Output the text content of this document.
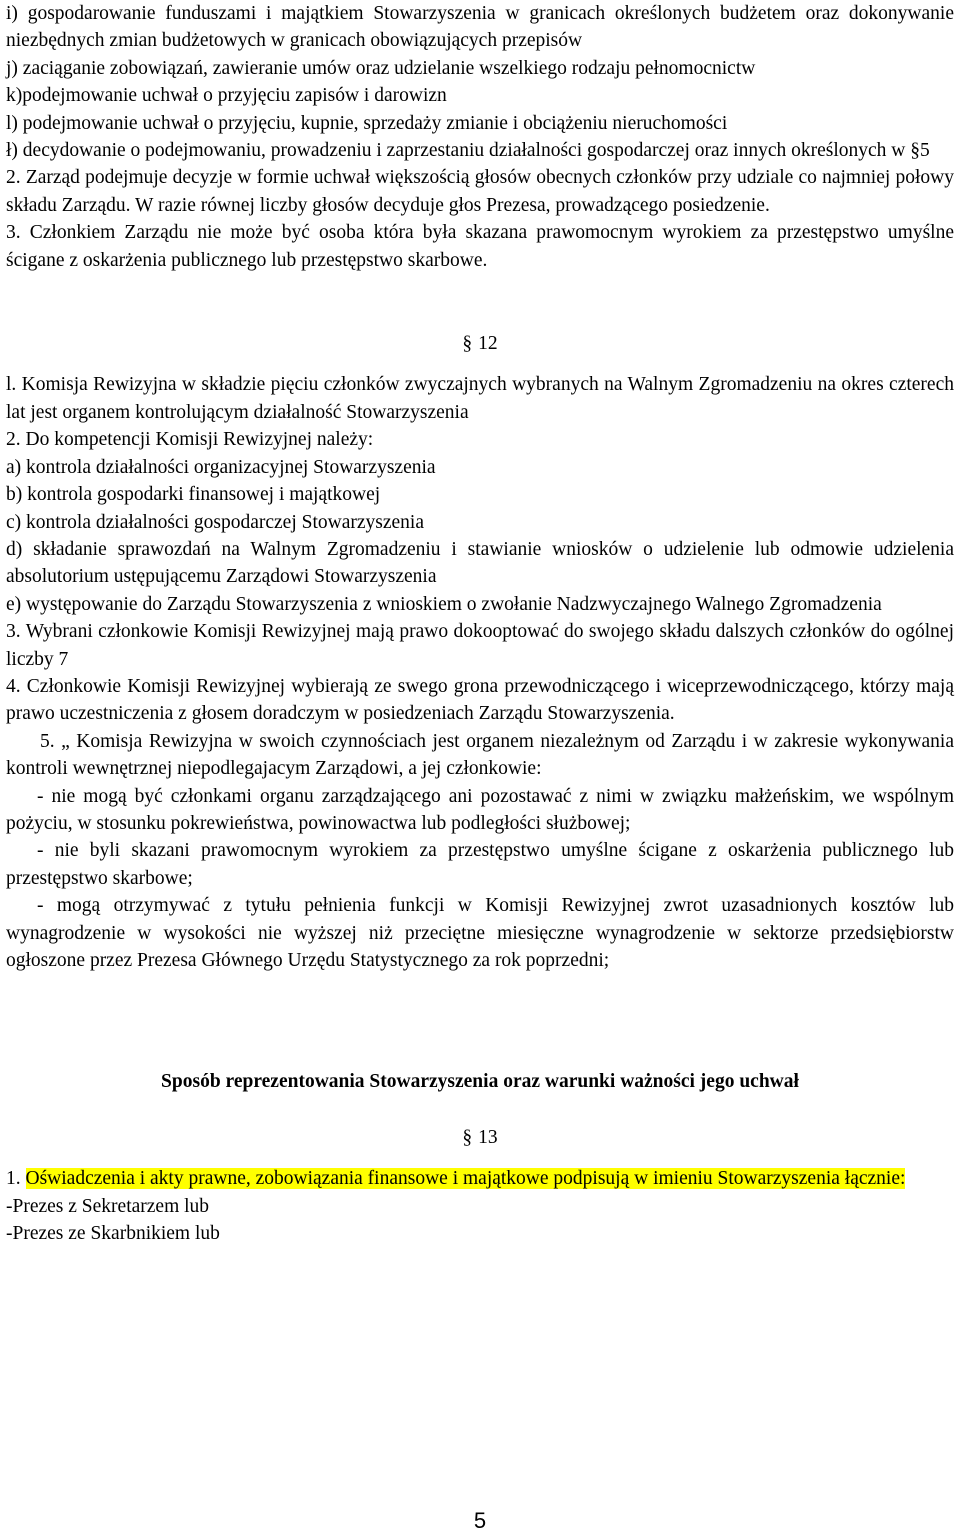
i) gospodarowanie funduszami i majątkiem Stowarzyszenia w granicach określonych budżetem oraz dokonywanie niezbędnych zmian budżetowych w granicach obowiązujących przepisów

j) zaciąganie zobowiązań, zawieranie umów oraz udzielanie wszelkiego rodzaju pełnomocnictw

k)podejmowanie uchwał o przyjęciu zapisów i darowizn

l) podejmowanie uchwał o przyjęciu, kupnie, sprzedaży zmianie i obciążeniu nieruchomości

ł) decydowanie o podejmowaniu, prowadzeniu i zaprzestaniu działalności gospodarczej oraz innych określonych w §5

2. Zarząd podejmuje decyzje w formie uchwał większością głosów obecnych członków przy udziale co najmniej połowy składu Zarządu. W razie równej liczby głosów decyduje głos Prezesa, prowadzącego posiedzenie.

3. Członkiem Zarządu nie może być osoba która była skazana prawomocnym wyrokiem za przestępstwo umyślne ścigane z oskarżenia publicznego lub przestępstwo skarbowe.

§ 12

l. Komisja Rewizyjna w składzie pięciu członków zwyczajnych wybranych na Walnym Zgromadzeniu na okres czterech lat jest organem kontrolującym działalność Stowarzyszenia

2. Do kompetencji Komisji Rewizyjnej należy:

a) kontrola działalności organizacyjnej Stowarzyszenia

b) kontrola gospodarki finansowej i majątkowej

c) kontrola działalności gospodarczej Stowarzyszenia

d) składanie sprawozdań na Walnym Zgromadzeniu i stawianie wniosków o udzielenie lub odmowie udzielenia absolutorium ustępującemu Zarządowi Stowarzyszenia

e) występowanie do Zarządu Stowarzyszenia z wnioskiem o zwołanie Nadzwyczajnego Walnego Zgromadzenia

3. Wybrani członkowie Komisji Rewizyjnej mają prawo dokooptować do swojego składu dalszych członków do ogólnej liczby 7

4. Członkowie Komisji Rewizyjnej wybierają ze swego grona przewodniczącego i wiceprzewodniczącego, którzy mają prawo uczestniczenia z głosem doradczym w posiedzeniach Zarządu Stowarzyszenia.

5. „ Komisja Rewizyjna w swoich czynnościach jest organem niezależnym od Zarządu i w zakresie wykonywania kontroli wewnętrznej niepodlegajacym Zarządowi, a jej członkowie:

- nie mogą być członkami organu zarządzającego ani pozostawać z nimi w związku małżeńskim, we wspólnym pożyciu, w stosunku pokrewieństwa, powinowactwa lub podległości służbowej;

- nie byli skazani prawomocnym wyrokiem za przestępstwo umyślne ścigane z oskarżenia publicznego lub przestępstwo skarbowe;

- mogą otrzymywać z tytułu pełnienia funkcji w Komisji Rewizyjnej zwrot uzasadnionych kosztów lub wynagrodzenie w wysokości nie wyższej niż przeciętne miesięczne wynagrodzenie w sektorze przedsiębiorstw ogłoszone przez Prezesa Głównego Urzędu Statystycznego za rok poprzedni;

Sposób reprezentowania Stowarzyszenia oraz warunki ważności jego uchwał

§ 13

1. Oświadczenia i akty prawne, zobowiązania finansowe i majątkowe podpisują w imieniu Stowarzyszenia łącznie:

-Prezes z Sekretarzem lub

-Prezes ze Skarbnikiem lub

5
